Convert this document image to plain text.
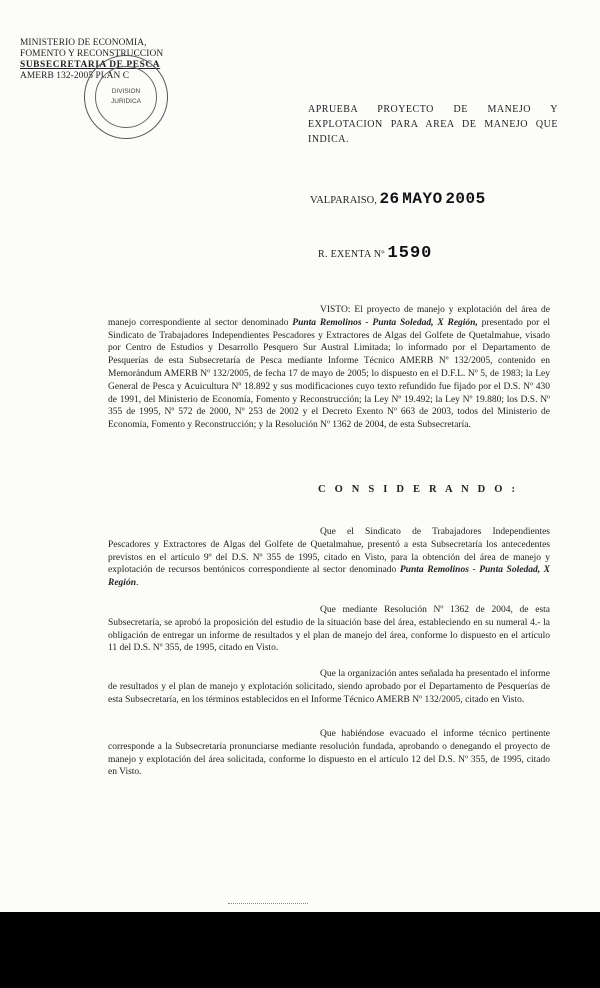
MINISTERIO DE ECONOMIA,
FOMENTO Y RECONSTRUCCION
SUBSECRETARIA DE PESCA
AMERB 132-2005 PLAN C
DIVISION
JURIDICA
APRUEBA PROYECTO DE MANEJO Y EXPLOTACION PARA AREA DE MANEJO QUE INDICA.
VALPARAISO, 26 MAYO 2005
R. EXENTA Nº 1590

VISTO: El proyecto de manejo y explotación del área de manejo correspondiente al sector denominado Punta Remolinos - Punta Soledad, X Región, presentado por el Sindicato de Trabajadores Independientes Pescadores y Extractores de Algas del Golfete de Quetalmahue, visado por Centro de Estudios y Desarrollo Pesquero Sur Austral Limitada; lo informado por el Departamento de Pesquerías de esta Subsecretaría de Pesca mediante Informe Técnico AMERB Nº 132/2005, contenido en Memorándum AMERB Nº 132/2005, de fecha 17 de mayo de 2005; lo dispuesto en el D.F.L. Nº 5, de 1983; la Ley General de Pesca y Acuicultura Nº 18.892 y sus modificaciones cuyo texto refundido fue fijado por el D.S. Nº 430 de 1991, del Ministerio de Economía, Fomento y Reconstrucción; la Ley Nº 19.492; la Ley Nº 19.880; los D.S. Nº 355 de 1995, Nº 572 de 2000, Nº 253 de 2002 y el Decreto Exento Nº 663 de 2003, todos del Ministerio de Economía, Fomento y Reconstrucción; y la Resolución Nº 1362 de 2004, de esta Subsecretaría.

C O N S I D E R A N D O :

Que el Sindicato de Trabajadores Independientes Pescadores y Extractores de Algas del Golfete de Quetalmahue, presentó a esta Subsecretaría los antecedentes previstos en el artículo 9º del D.S. Nº 355 de 1995, citado en Visto, para la obtención del área de manejo y explotación de recursos bentónicos correspondiente al sector denominado Punta Remolinos - Punta Soledad, X Región.

Que mediante Resolución Nº 1362 de 2004, de esta Subsecretaría, se aprobó la proposición del estudio de la situación base del área, estableciendo en su numeral 4.- la obligación de entregar un informe de resultados y el plan de manejo del área, conforme lo dispuesto en el artículo 11 del D.S. Nº 355, de 1995, citado en Visto.

Que la organización antes señalada ha presentado el informe de resultados y el plan de manejo y explotación solicitado, siendo aprobado por el Departamento de Pesquerías de esta Subsecretaría, en los términos establecidos en el Informe Técnico AMERB Nº 132/2005, citado en Visto.

Que habiéndose evacuado el informe técnico pertinente corresponde a la Subsecretaría pronunciarse mediante resolución fundada, aprobando o denegando el proyecto de manejo y explotación del área solicitada, conforme lo dispuesto en el artículo 12 del D.S. Nº 355, de 1995, citado en Visto.
